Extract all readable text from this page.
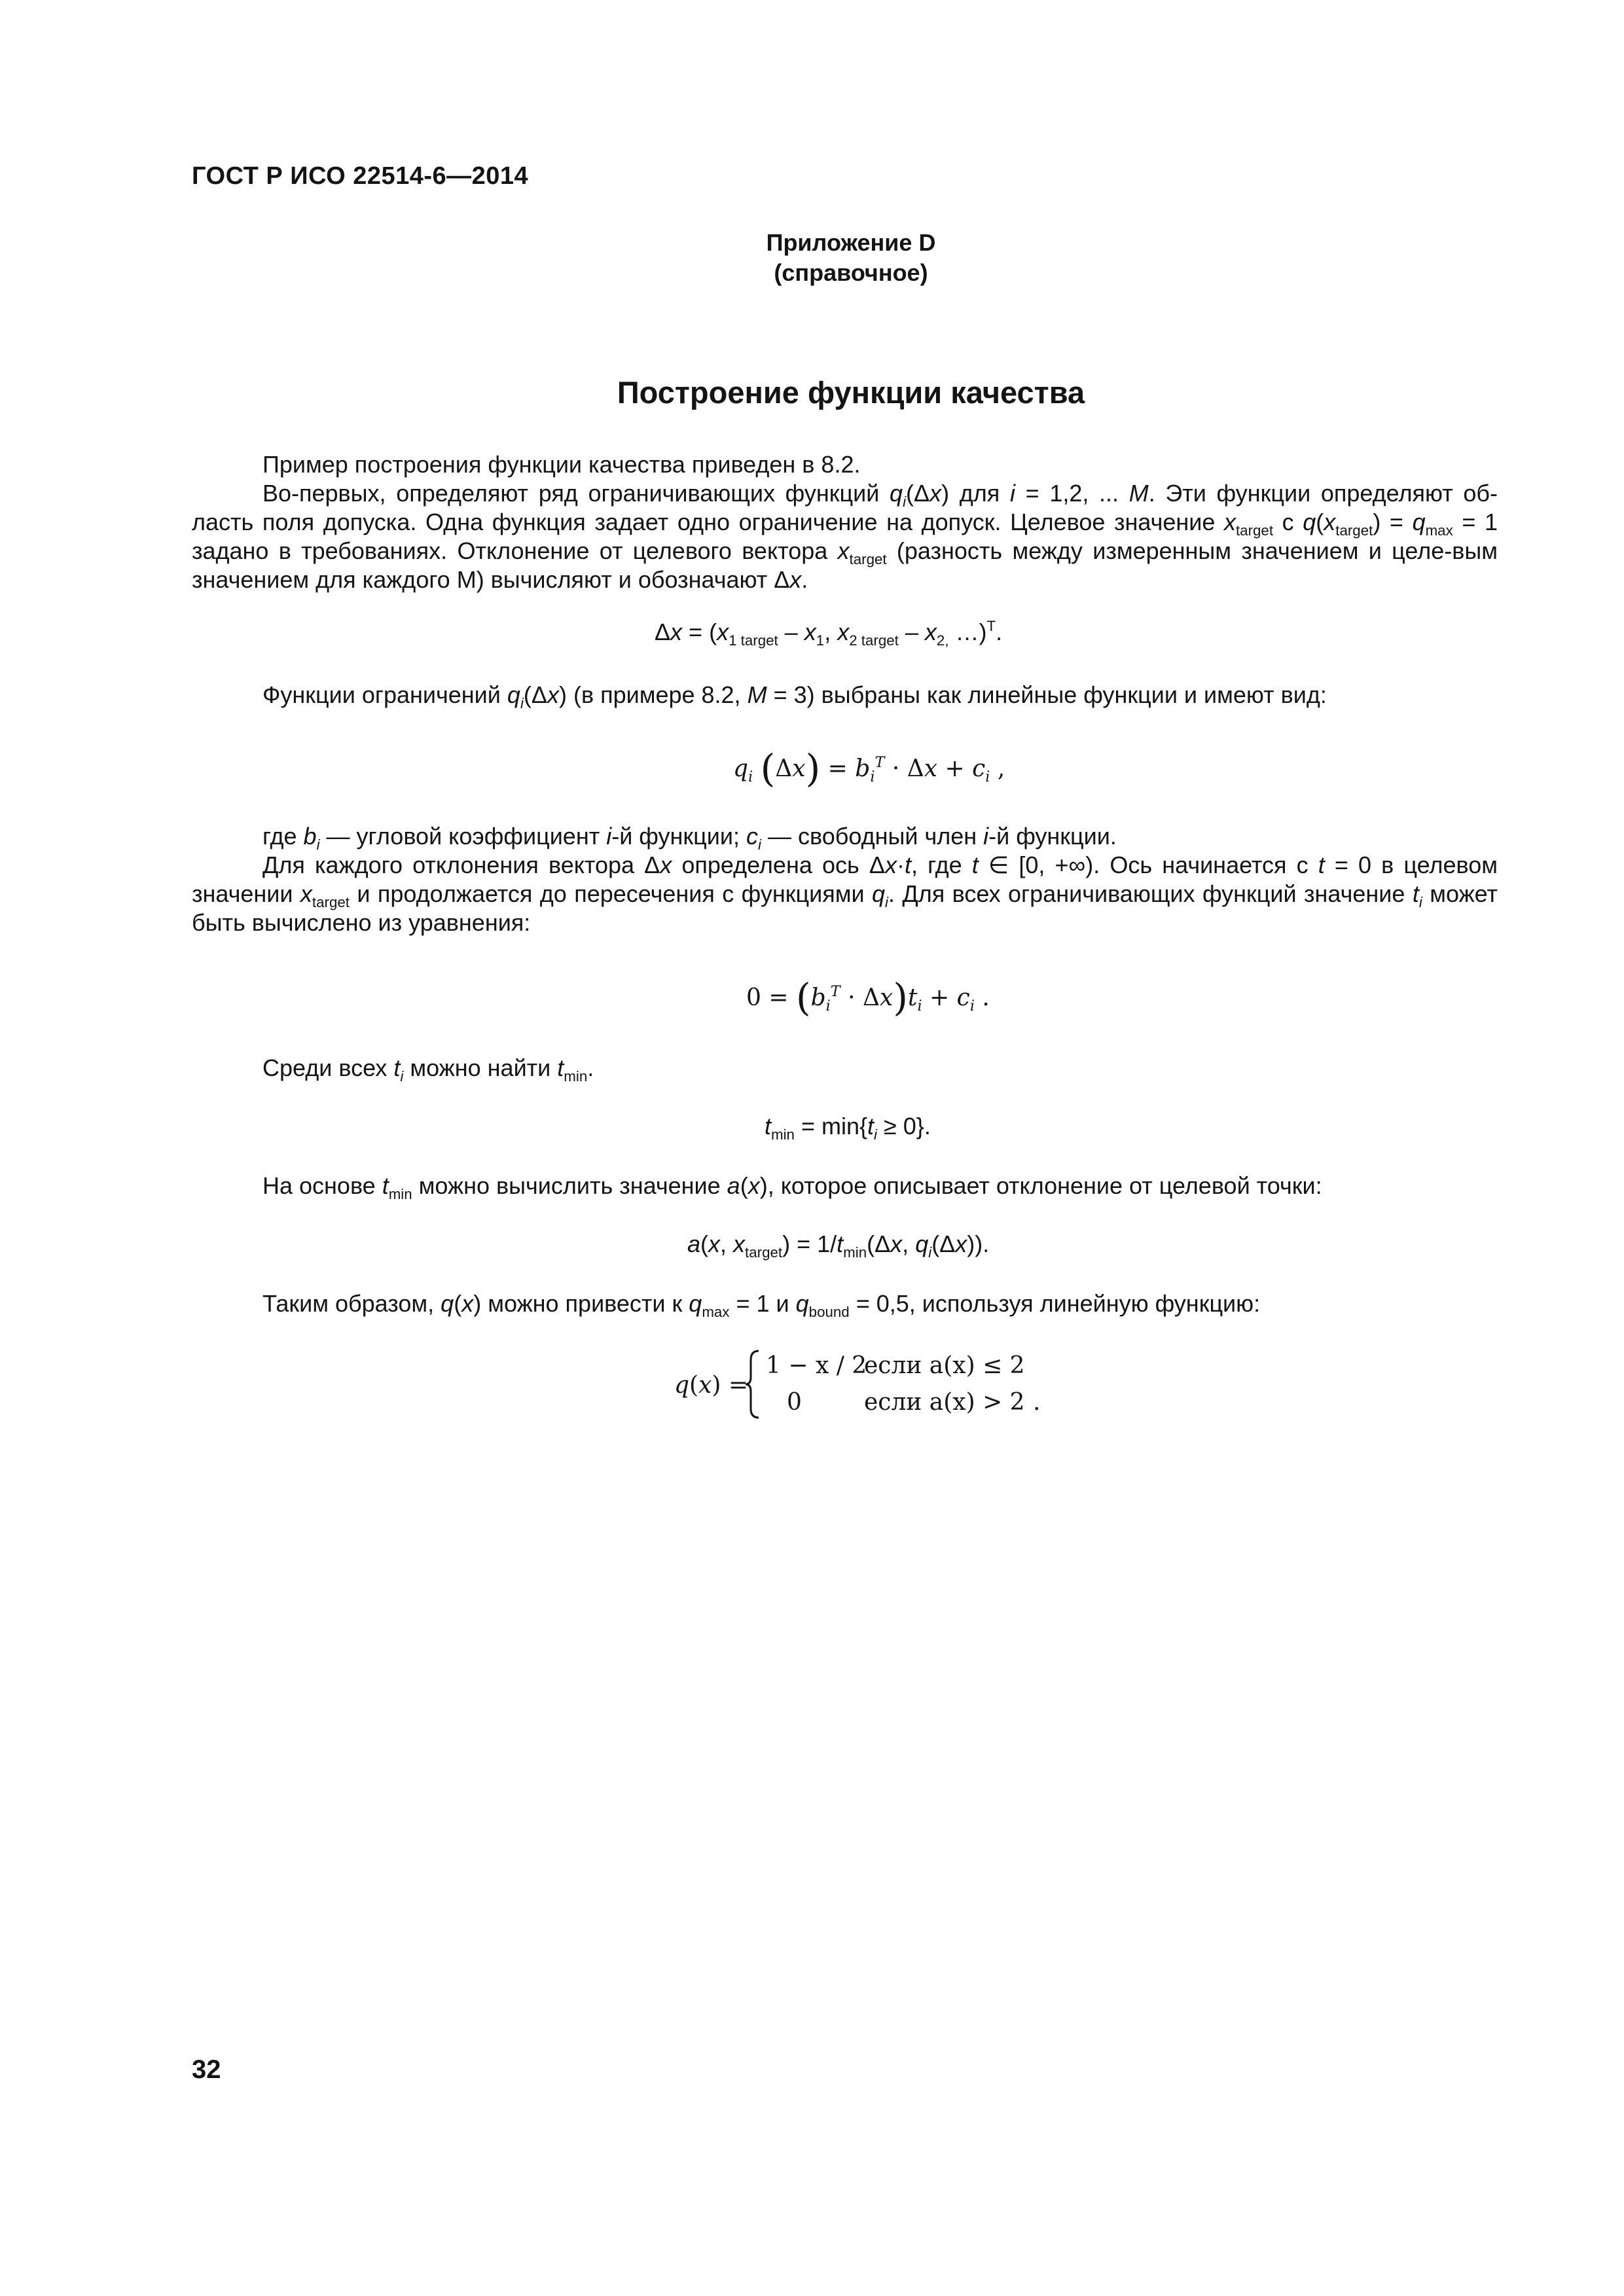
ГОСТ Р ИСО 22514-6—2014
Приложение D
(справочное)
Построение функции качества

Пример построения функции качества приведен в 8.2.

Во-первых, определяют ряд ограничивающих функций $q_i(\Delta x)$ для i = 1,2, ... M. Эти функции определяют об-ласть поля допуска. Одна функция задает одно ограничение на допуск. Целевое значение $x_{target}$ с $q(x_{target}) = q_{max} = 1$ задано в требованиях. Отклонение от целевого вектора $x_{target}$ (разность между измеренным значением и целе-вым значением для каждого М) вычисляют и обозначают Δx.

$\Delta x = (x_{1 target} - x_1$, $x_{2 target} - x_{2,}$ …)$^T$.

Функции ограничений $q_i(\Delta x)$ (в примере 8.2, M = 3) выбраны как линейные функции и имеют вид:

$q_i$ $(\Delta x) = b_i^T \cdot \Delta x + c_i$ ,

где $b_i$ — угловой коэффициент i-й функции; $c_i$ — свободный член i-й функции.

Для каждого отклонения вектора Δx определена ось Δx·t, где t ∈ [0, +∞). Ось начинается с t = 0 в целевом значении $x_{target}$ и продолжается до пересечения с функциями $q_i$. Для всех ограничивающих функций значение $t_i$ может быть вычислено из уравнения:

$0 = (b_i^T \cdot \Delta x)t_i + c_i$ .

Среди всех $t_i$ можно найти $t_{min}$.

$t_{min} = \min\{t_i \ge 0\}$.

На основе $t_{min}$ можно вычислить значение a(x), которое описывает отклонение от целевой точки:

a(x, $x_{target}) = 1/t_{min}(\Delta x$, $q_i(\Delta x)$).

Таким образом, q(x) можно привести к $q_{max} = 1$ и $q_{bound} = 0,5$, используя линейную функцию:

q(x) =
1 − x / 2
если a(x) ≤ 2
0	если a(x) > 2 .
32
